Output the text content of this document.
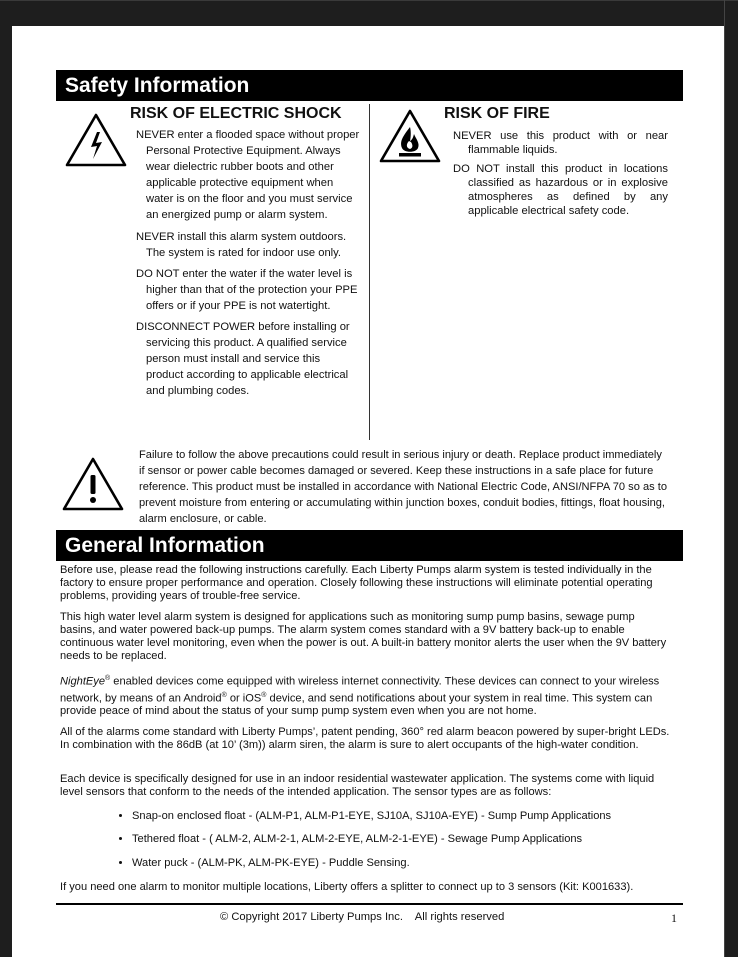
Safety Information
RISK OF ELECTRIC SHOCK
NEVER enter a flooded space without proper Personal Protective Equipment. Always wear dielectric rubber boots and other applicable protective equipment when water is on the floor and you must service an energized pump or alarm system.
NEVER install this alarm system outdoors. The system is rated for indoor use only.
DO NOT enter the water if the water level is higher than that of the protection your PPE offers or if your PPE is not watertight.
DISCONNECT POWER before installing or servicing this product. A qualified service person must install and service this product according to applicable electrical and plumbing codes.
RISK OF FIRE
NEVER use this product with or near flammable liquids.
DO NOT install this product in locations classified as hazardous or in explosive atmospheres as defined by any applicable electrical safety code.
Failure to follow the above precautions could result in serious injury or death. Replace product immediately if sensor or power cable becomes damaged or severed. Keep these instructions in a safe place for future reference. This product must be installed in accordance with National Electric Code, ANSI/NFPA 70 so as to prevent moisture from entering or accumulating within junction boxes, conduit bodies, fittings, float housing, alarm enclosure, or cable.
General Information
Before use, please read the following instructions carefully. Each Liberty Pumps alarm system is tested individually in the factory to ensure proper performance and operation. Closely following these instructions will eliminate potential operating problems, providing years of trouble-free service.
This high water level alarm system is designed for applications such as monitoring sump pump basins, sewage pump basins, and water powered back-up pumps. The alarm system comes standard with a 9V battery back-up to enable continuous water level monitoring, even when the power is out. A built-in battery monitor alerts the user when the 9V battery needs to be replaced.
NightEye® enabled devices come equipped with wireless internet connectivity. These devices can connect to your wireless network, by means of an Android® or iOS® device, and send notifications about your system in real time. This system can provide peace of mind about the status of your sump pump system even when you are not home.
All of the alarms come standard with Liberty Pumps’, patent pending, 360° red alarm beacon powered by super-bright LEDs. In combination with the 86dB (at 10’ (3m)) alarm siren, the alarm is sure to alert occupants of the high-water condition.
Each device is specifically designed for use in an indoor residential wastewater application. The systems come with liquid level sensors that conform to the needs of the intended application. The sensor types are as follows:
• Snap-on enclosed float - (ALM-P1, ALM-P1-EYE, SJ10A, SJ10A-EYE) - Sump Pump Applications
• Tethered float - ( ALM-2, ALM-2-1, ALM-2-EYE, ALM-2-1-EYE) - Sewage Pump Applications
• Water puck - (ALM-PK, ALM-PK-EYE) - Puddle Sensing.
If you need one alarm to monitor multiple locations, Liberty offers a splitter to connect up to 3 sensors (Kit: K001633).
© Copyright 2017 Liberty Pumps Inc.    All rights reserved	1
